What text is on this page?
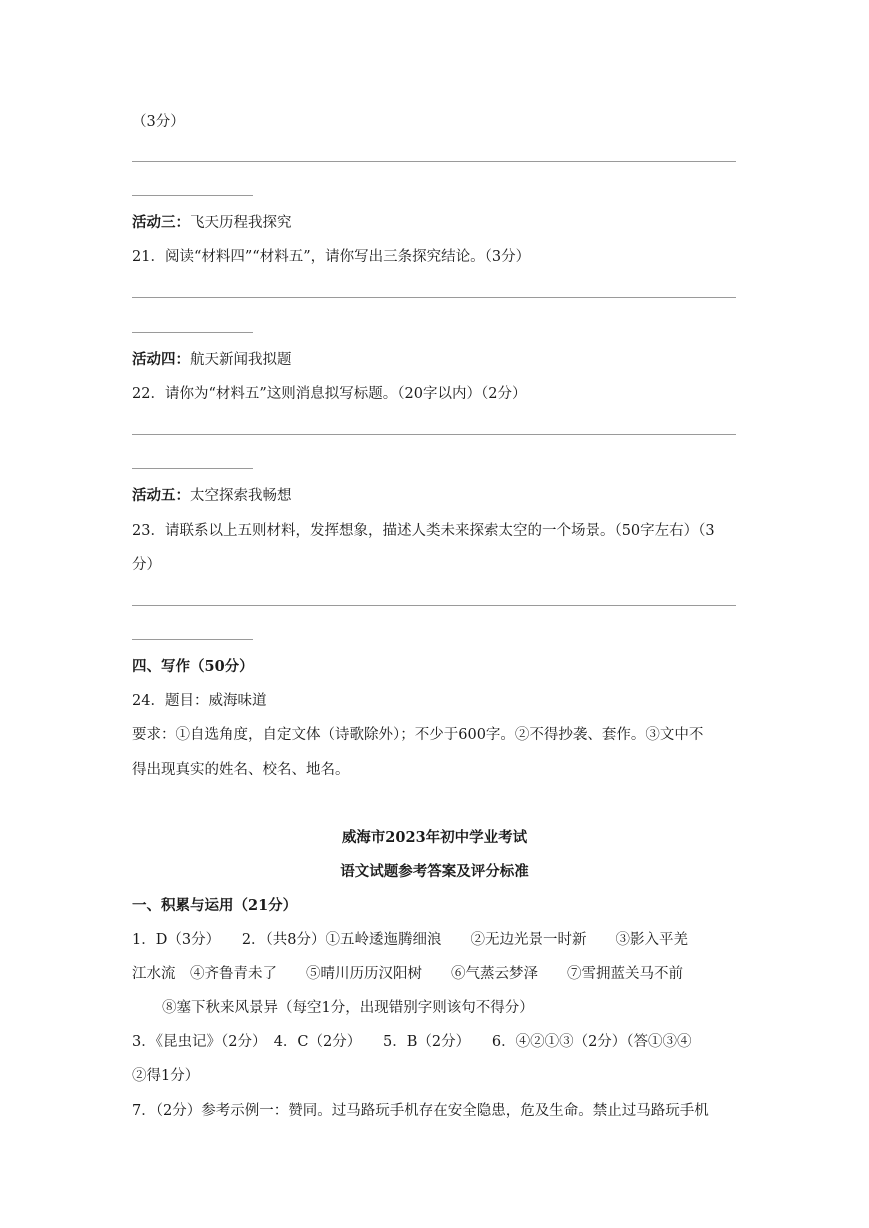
（3分）
活动三：飞天历程我探究
21．阅读“材料四”“材料五”，请你写出三条探究结论。（3分）
活动四：航天新闻我拟题
22．请你为“材料五”这则消息拟写标题。（20字以内）（2分）
活动五：太空探索我畅想
23．请联系以上五则材料，发挥想象，描述人类未来探索太空的一个场景。（50字左右）（3
分）
四、写作（50分）
24．题目：威海味道
要求：①自选角度，自定文体（诗歌除外）；不少于600字。②不得抄袭、套作。③文中不
得出现真实的姓名、校名、地名。
威海市2023年初中学业考试
语文试题参考答案及评分标准
一、积累与运用（21分）
1．D（3分）　　2．（共8分）①五岭逶迤腾细浪　　②无边光景一时新　　③影入平羌
江水流　④齐鲁青未了　　⑤晴川历历汉阳树　　⑥气蒸云梦泽　　⑦雪拥蓝关马不前
⑧塞下秋来风景异（每空1分，出现错别字则该句不得分）
3．《昆虫记》（2分）　4．C（2分）　　5．B（2分）　　6．④②①③（2分）（答①③④
②得1分）
7．（2分）参考示例一：赞同。过马路玩手机存在安全隐患，危及生命。禁止过马路玩手机
